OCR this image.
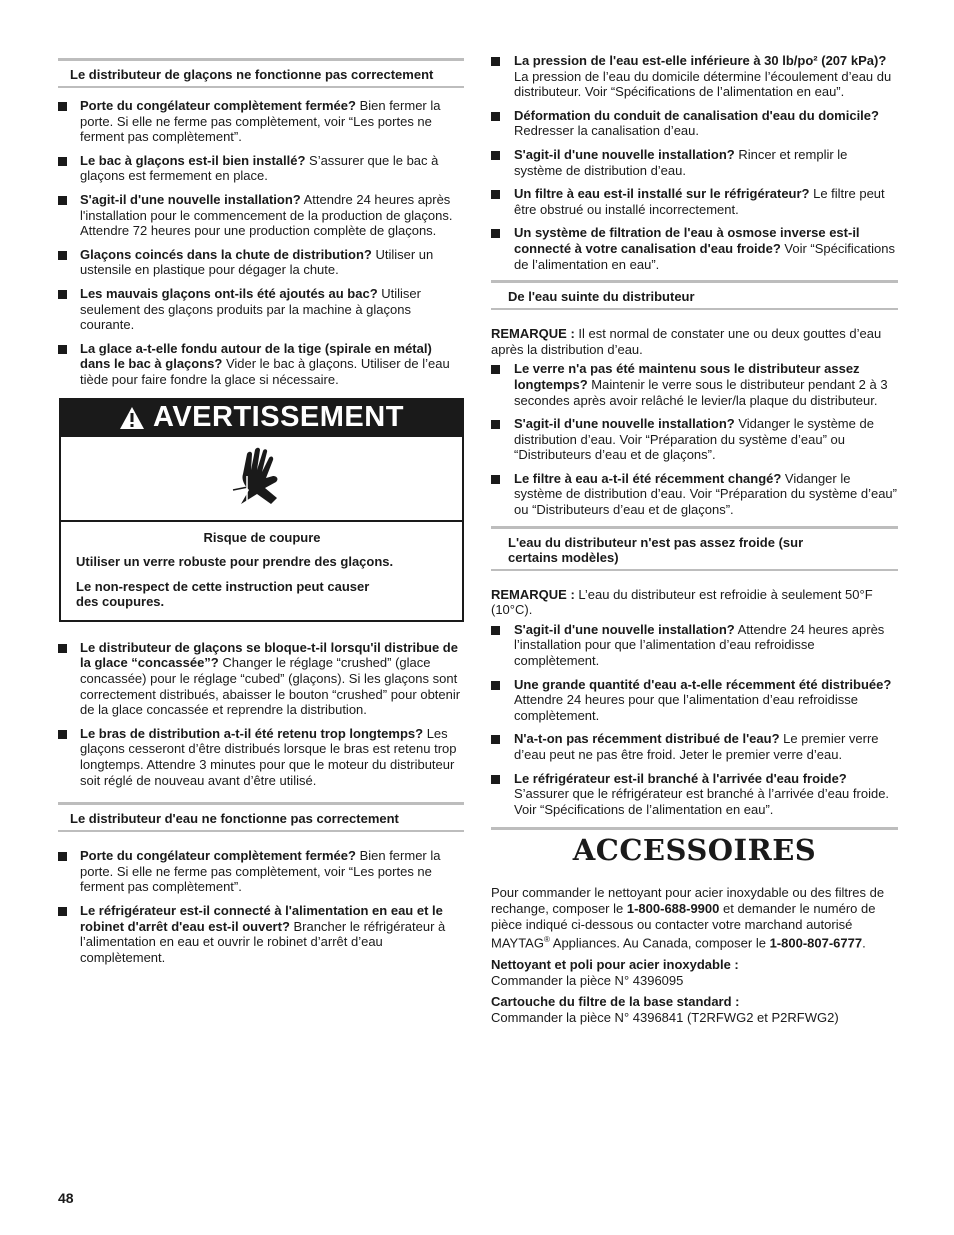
Le distributeur de glaçons ne fonctionne pas correctement
Porte du congélateur complètement fermée? Bien fermer la porte. Si elle ne ferme pas complètement, voir “Les portes ne ferment pas complètement”.
Le bac à glaçons est-il bien installé? S’assurer que le bac à glaçons est fermement en place.
S'agit-il d'une nouvelle installation? Attendre 24 heures après l'installation pour le commencement de la production de glaçons. Attendre 72 heures pour une production complète de glaçons.
Glaçons coincés dans la chute de distribution? Utiliser un ustensile en plastique pour dégager la chute.
Les mauvais glaçons ont-ils été ajoutés au bac? Utiliser seulement des glaçons produits par la machine à glaçons courante.
La glace a-t-elle fondu autour de la tige (spirale en métal) dans le bac à glaçons? Vider le bac à glaçons. Utiliser de l’eau tiède pour faire fondre la glace si nécessaire.
AVERTISSEMENT

Risque de coupure

Utiliser un verre robuste pour prendre des glaçons.

Le non-respect de cette instruction peut causer des coupures.

Le distributeur de glaçons se bloque-t-il lorsqu'il distribue de la glace “concassée”? Changer le réglage “crushed” (glace concassée) pour le réglage “cubed” (glaçons). Si les glaçons sont correctement distribués, abaisser le bouton “crushed” pour obtenir de la glace concassée et reprendre la distribution.
Le bras de distribution a-t-il été retenu trop longtemps? Les glaçons cesseront d’être distribués lorsque le bras est retenu trop longtemps. Attendre 3 minutes pour que le moteur du distributeur soit réglé de nouveau avant d’être utilisé.
Le distributeur d'eau ne fonctionne pas correctement
Porte du congélateur complètement fermée? Bien fermer la porte. Si elle ne ferme pas complètement, voir “Les portes ne ferment pas complètement”.
Le réfrigérateur est-il connecté à l'alimentation en eau et le robinet d'arrêt d'eau est-il ouvert? Brancher le réfrigérateur à l’alimentation en eau et ouvrir le robinet d’arrêt d’eau complètement.
La pression de l'eau est-elle inférieure à 30 lb/po² (207 kPa)? La pression de l’eau du domicile détermine l’écoulement d’eau du distributeur. Voir “Spécifications de l’alimentation en eau”.
Déformation du conduit de canalisation d'eau du domicile? Redresser la canalisation d’eau.
S'agit-il d'une nouvelle installation? Rincer et remplir le système de distribution d’eau.
Un filtre à eau est-il installé sur le réfrigérateur? Le filtre peut être obstrué ou installé incorrectement.
Un système de filtration de l'eau à osmose inverse est-il connecté à votre canalisation d'eau froide? Voir “Spécifications de l’alimentation en eau”.
De l'eau suinte du distributeur

REMARQUE : Il est normal de constater une ou deux gouttes d’eau après la distribution d’eau.

Le verre n'a pas été maintenu sous le distributeur assez longtemps? Maintenir le verre sous le distributeur pendant 2 à 3 secondes après avoir relâché le levier/la plaque du distributeur.
S'agit-il d'une nouvelle installation? Vidanger le système de distribution d’eau. Voir “Préparation du système d’eau” ou “Distributeurs d’eau et de glaçons”.
Le filtre à eau a-t-il été récemment changé? Vidanger le système de distribution d’eau. Voir “Préparation du système d’eau” ou “Distributeurs d’eau et de glaçons”.
L'eau du distributeur n'est pas assez froide (sur certains modèles)

REMARQUE : L’eau du distributeur est refroidie à seulement 50°F (10°C).

S'agit-il d'une nouvelle installation? Attendre 24 heures après l’installation pour que l’alimentation d’eau refroidisse complètement.
Une grande quantité d'eau a-t-elle récemment été distribuée? Attendre 24 heures pour que l’alimentation d’eau refroidisse complètement.
N'a-t-on pas récemment distribué de l'eau? Le premier verre d’eau peut ne pas être froid. Jeter le premier verre d’eau.
Le réfrigérateur est-il branché à l'arrivée d'eau froide? S’assurer que le réfrigérateur est branché à l’arrivée d’eau froide. Voir “Spécifications de l’alimentation en eau”.
ACCESSOIRES

Pour commander le nettoyant pour acier inoxydable ou des filtres de rechange, composer le 1-800-688-9900 et demander le numéro de pièce indiqué ci-dessous ou contacter votre marchand autorisé MAYTAG® Appliances. Au Canada, composer le 1-800-807-6777.

Nettoyant et poli pour acier inoxydable :

Commander la pièce N° 4396095

Cartouche du filtre de la base standard :

Commander la pièce N° 4396841 (T2RFWG2 et P2RFWG2)

48
